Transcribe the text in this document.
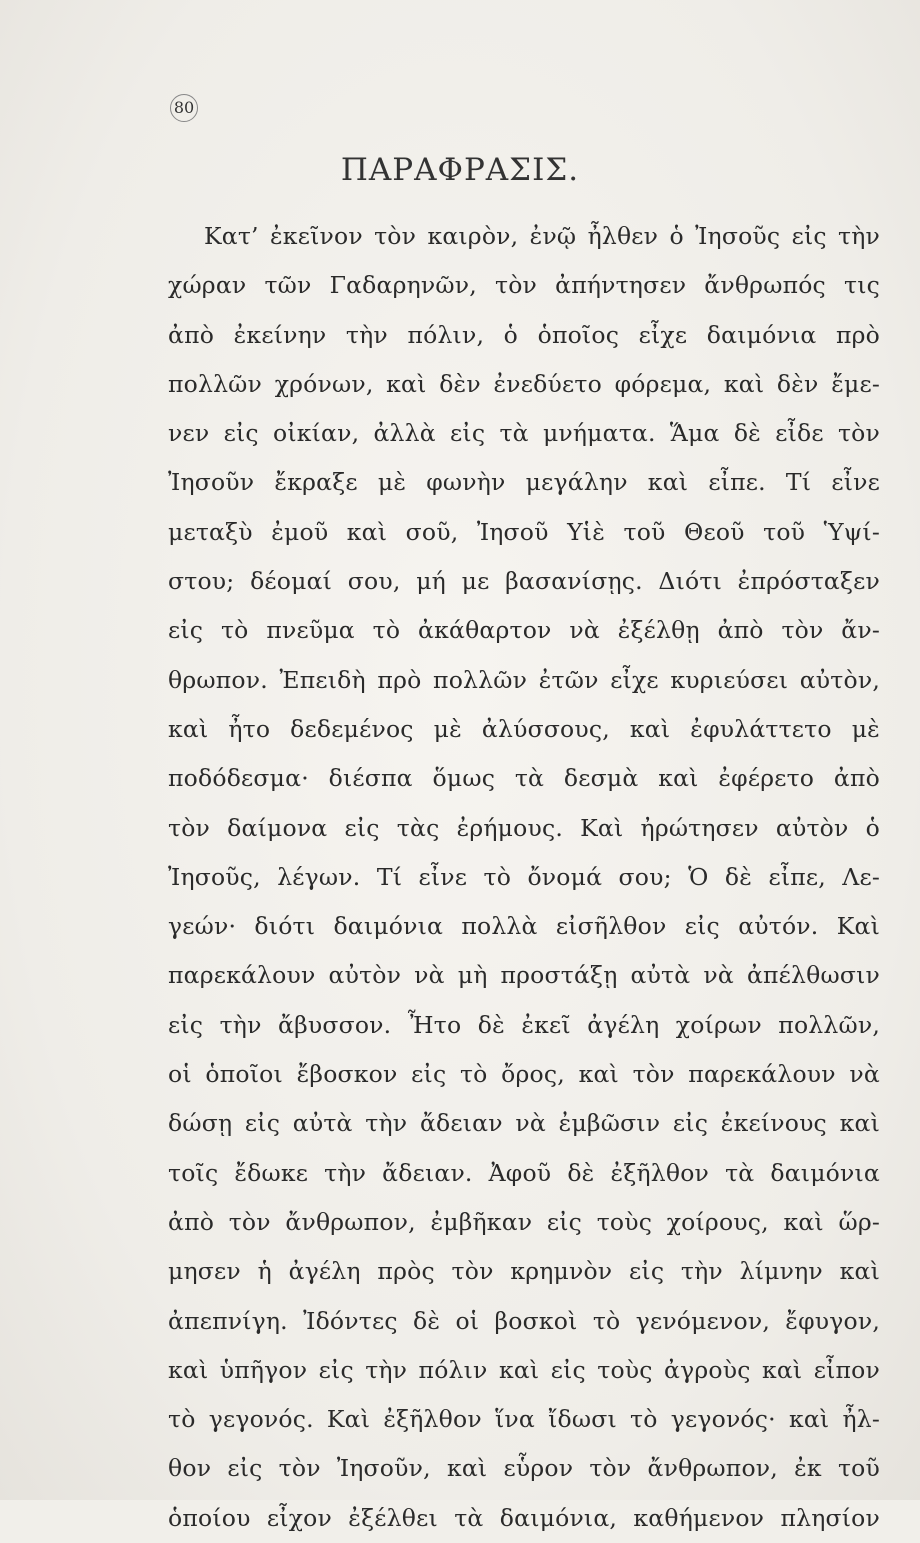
80
ΠΑΡΑΦΡΑΣΙΣ.
Κατ’ ἐκεῖνον τὸν καιρὸν, ἐνῷ ἦλθεν ὁ Ἰησοῦς εἰς τὴν
χώραν τῶν Γαδαρηνῶν, τὸν ἀπήντησεν ἄνθρωπός τις
ἀπὸ ἐκείνην τὴν πόλιν, ὁ ὁποῖος εἶχε δαιμόνια πρὸ
πολλῶν χρόνων, καὶ δὲν ἐνεδύετο φόρεμα, καὶ δὲν ἔμε-
νεν εἰς οἰκίαν, ἀλλὰ εἰς τὰ μνήματα. Ἅμα δὲ εἶδε τὸν
Ἰησοῦν ἔκραξε μὲ φωνὴν μεγάλην καὶ εἶπε. Τί εἶνε
μεταξὺ ἐμοῦ καὶ σοῦ, Ἰησοῦ Υἱὲ τοῦ Θεοῦ τοῦ Ὑψί-
στου; δέομαί σου, μή με βασανίσῃς. Διότι ἐπρόσταξεν
εἰς τὸ πνεῦμα τὸ ἀκάθαρτον νὰ ἐξέλθῃ ἀπὸ τὸν ἄν-
θρωπον. Ἐπειδὴ πρὸ πολλῶν ἐτῶν εἶχε κυριεύσει αὐτὸν,
καὶ ἦτο δεδεμένος μὲ ἀλύσσους, καὶ ἐφυλάττετο μὲ
ποδόδεσμα· διέσπα ὅμως τὰ δεσμὰ καὶ ἐφέρετο ἀπὸ
τὸν δαίμονα εἰς τὰς ἐρήμους. Καὶ ἠρώτησεν αὐτὸν ὁ
Ἰησοῦς, λέγων. Τί εἶνε τὸ ὄνομά σου; Ὁ δὲ εἶπε, Λε-
γεών· διότι δαιμόνια πολλὰ εἰσῆλθον εἰς αὐτόν. Καὶ
παρεκάλουν αὐτὸν νὰ μὴ προστάξῃ αὐτὰ νὰ ἀπέλθωσιν
εἰς τὴν ἄβυσσον. Ἦτο δὲ ἐκεῖ ἀγέλη χοίρων πολλῶν,
οἱ ὁποῖοι ἔβοσκον εἰς τὸ ὄρος, καὶ τὸν παρεκάλουν νὰ
δώσῃ εἰς αὐτὰ τὴν ἄδειαν νὰ ἐμβῶσιν εἰς ἐκείνους καὶ
τοῖς ἔδωκε τὴν ἄδειαν. Ἀφοῦ δὲ ἐξῆλθον τὰ δαιμόνια
ἀπὸ τὸν ἄνθρωπον, ἐμβῆκαν εἰς τοὺς χοίρους, καὶ ὥρ-
μησεν ἡ ἀγέλη πρὸς τὸν κρημνὸν εἰς τὴν λίμνην καὶ
ἀπεπνίγη. Ἰδόντες δὲ οἱ βοσκοὶ τὸ γενόμενον, ἔφυγον,
καὶ ὑπῆγον εἰς τὴν πόλιν καὶ εἰς τοὺς ἀγροὺς καὶ εἶπον
τὸ γεγονός. Καὶ ἐξῆλθον ἵνα ἴδωσι τὸ γεγονός· καὶ ἦλ-
θον εἰς τὸν Ἰησοῦν, καὶ εὗρον τὸν ἄνθρωπον, ἐκ τοῦ
ὁποίου εἶχον ἐξέλθει τὰ δαιμόνια, καθήμενον πλησίον
